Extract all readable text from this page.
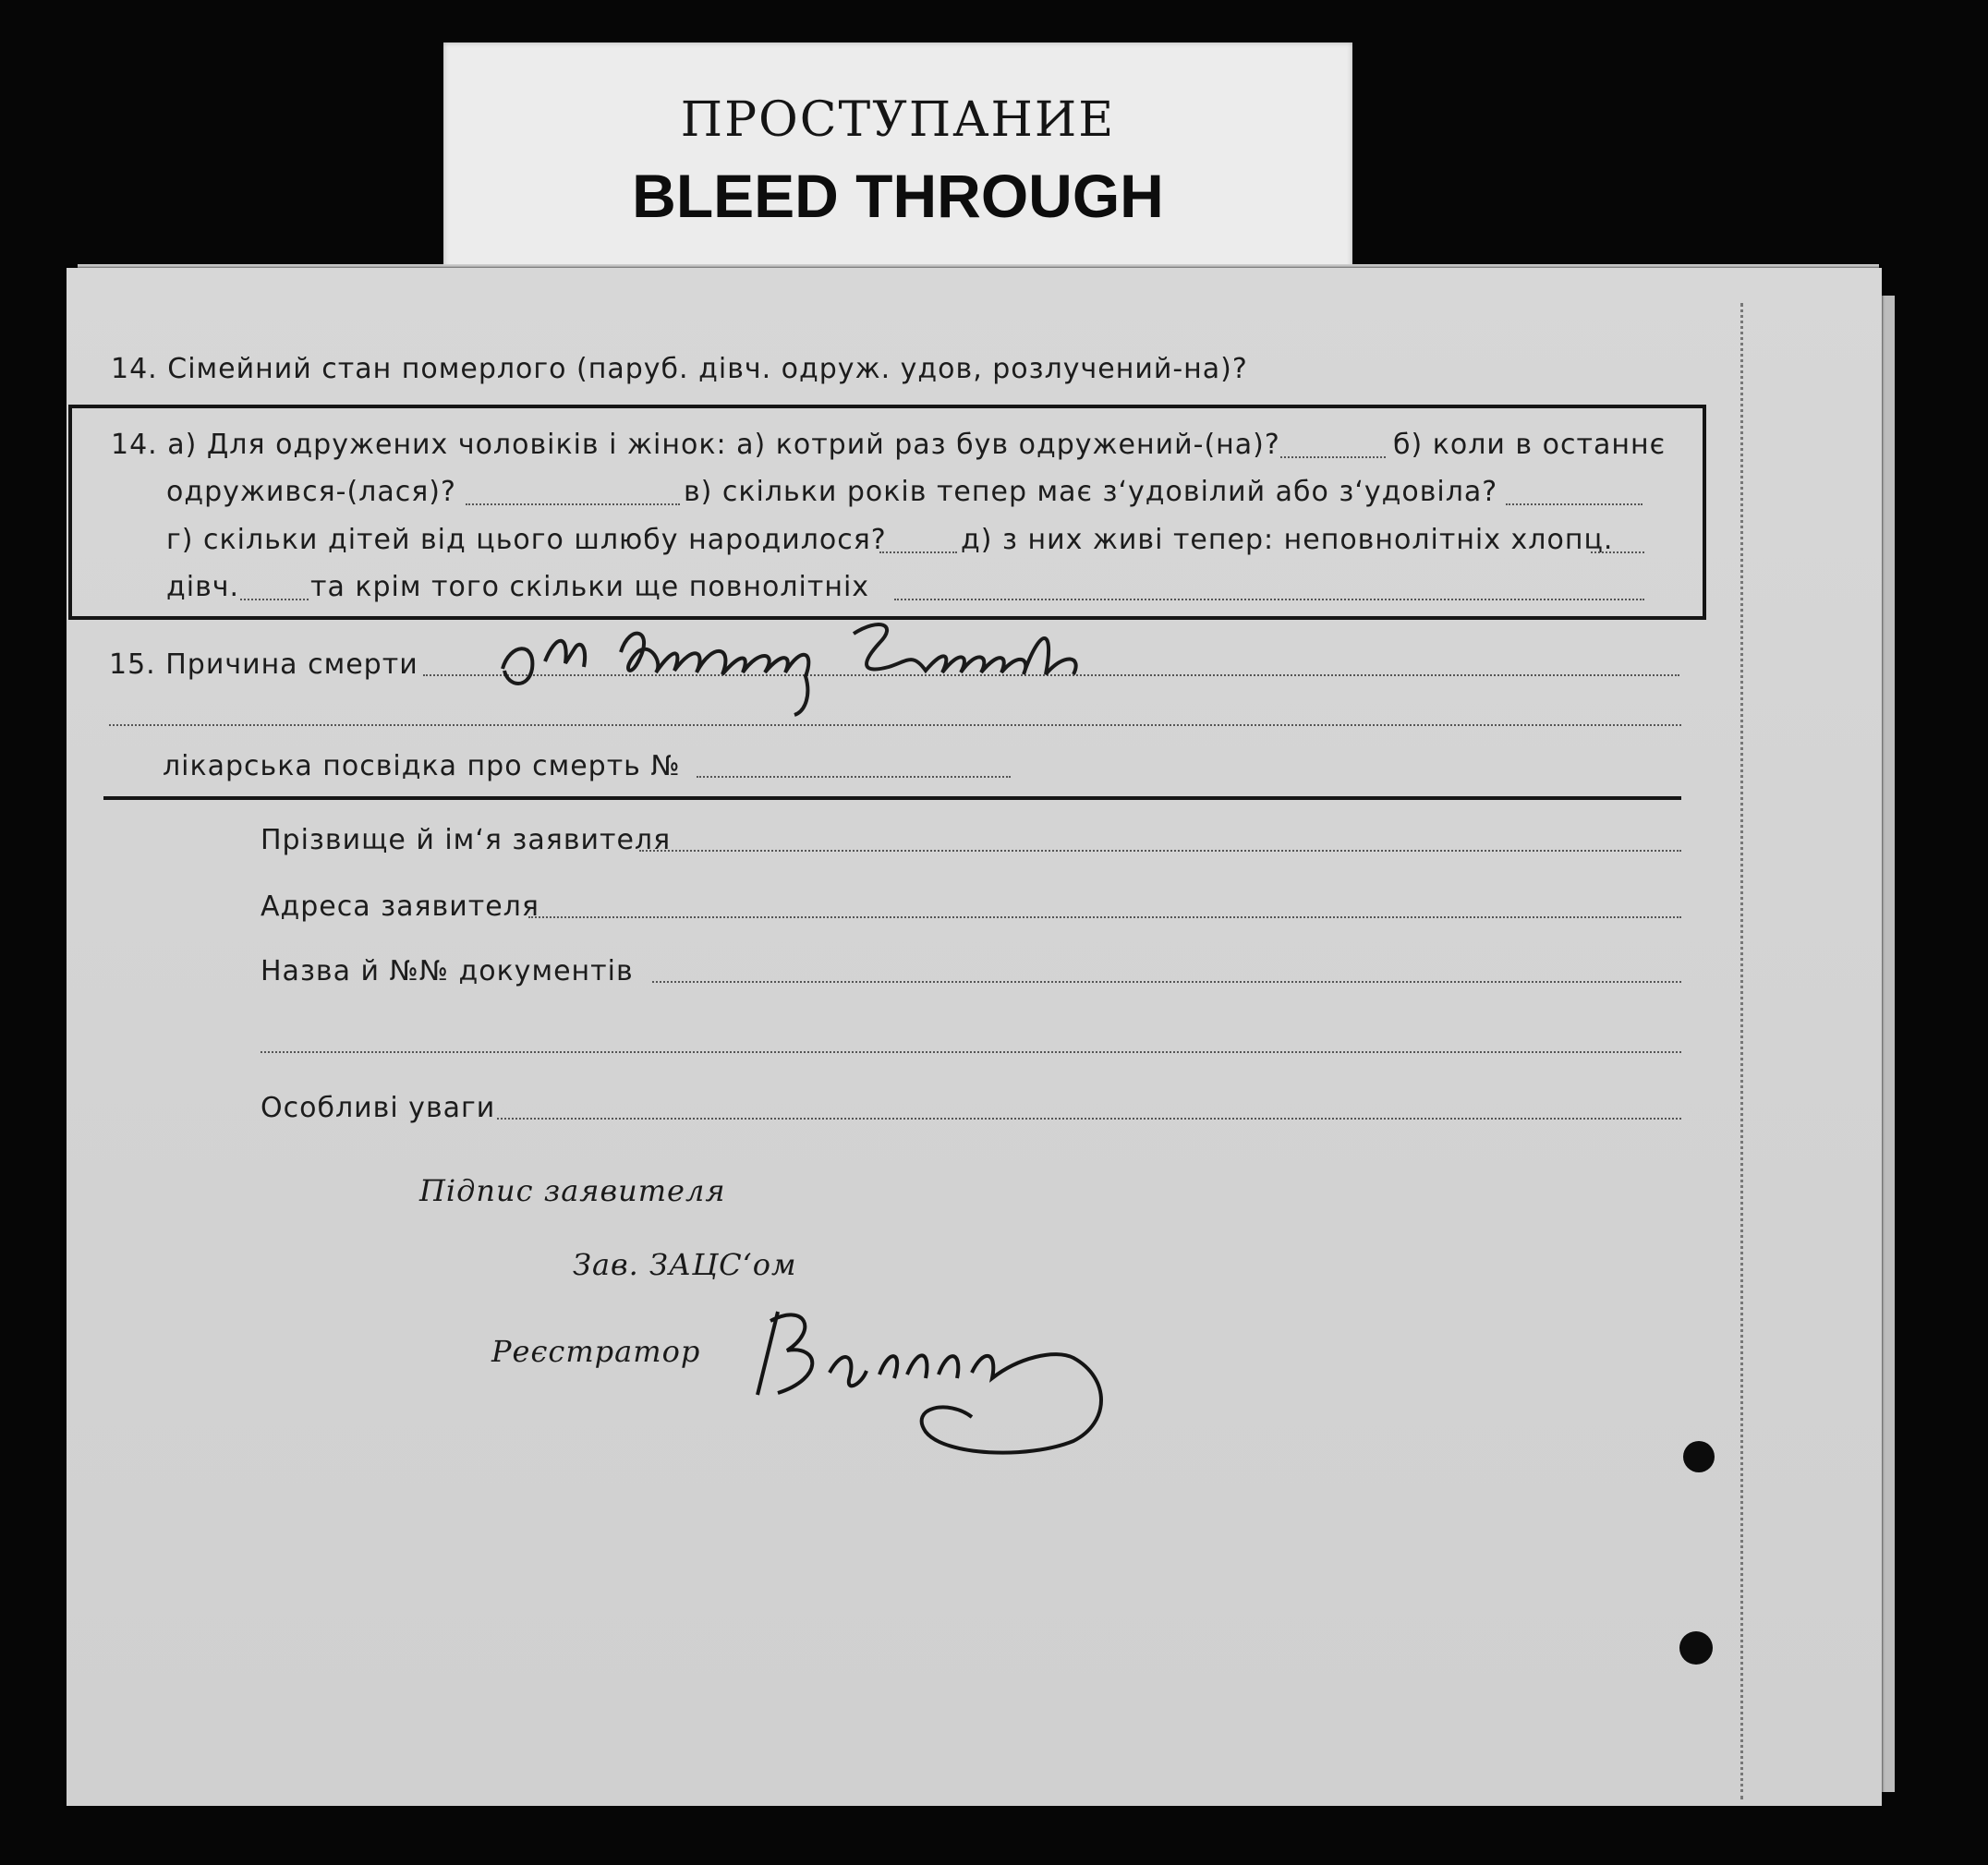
ПРОСТУПАНИЕ
BLEED THROUGH
14. Сімейний стан померлого (паруб. дівч. одруж. удов, розлучений-на)?
14. а) Для одружених чоловіків і жінок: а) котрий раз був одружений-(на)?	б) коли в останнє
одружився-(лася)?	в) скільки років тепер має з‘удовілий або з‘удовіла?
г) скільки дітей від цього шлюбу народилося?	д) з них живі тепер: неповнолітніх хлопц.
дівч.	та крім того скільки ще повнолітніх
15. Причина смерти
лікарська посвідка про смерть №
Прізвище й ім‘я заявителя
Адреса заявителя
Назва й №№ документів
Особливі уваги
Підпис заявителя
Зав. ЗАЦС‘ом
Реєстратор
